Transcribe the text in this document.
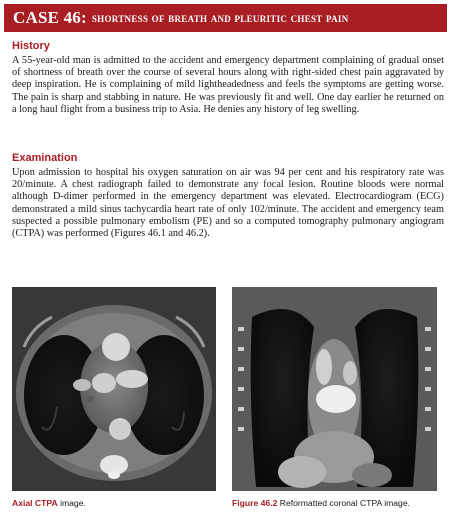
CASE 46: shortness of breath and pleuritic chest pain
History

A 55-year-old man is admitted to the accident and emergency department complaining of gradual onset of shortness of breath over the course of several hours along with right-sided chest pain aggravated by deep inspiration. He is complaining of mild lightheadedness and feels the symptoms are getting worse. The pain is sharp and stabbing in nature. He was previously fit and well. One day earlier he returned on a long haul flight from a business trip to Asia. He denies any history of leg swelling.

Examination

Upon admission to hospital his oxygen saturation on air was 94 per cent and his respiratory rate was 20/minute. A chest radiograph failed to demonstrate any focal lesion. Routine bloods were normal although D-dimer performed in the emergency department was elevated. Electrocardiogram (ECG) demonstrated a mild sinus tachycardia heart rate of only 102/minute. The accident and emergency team suspected a possible pulmonary embolism (PE) and so a computed tomography pulmonary angiogram (CTPA) was performed (Figures 46.1 and 46.2).

Axial CTPA image.	Figure 46.2 Reformatted coronal CTPA image.
